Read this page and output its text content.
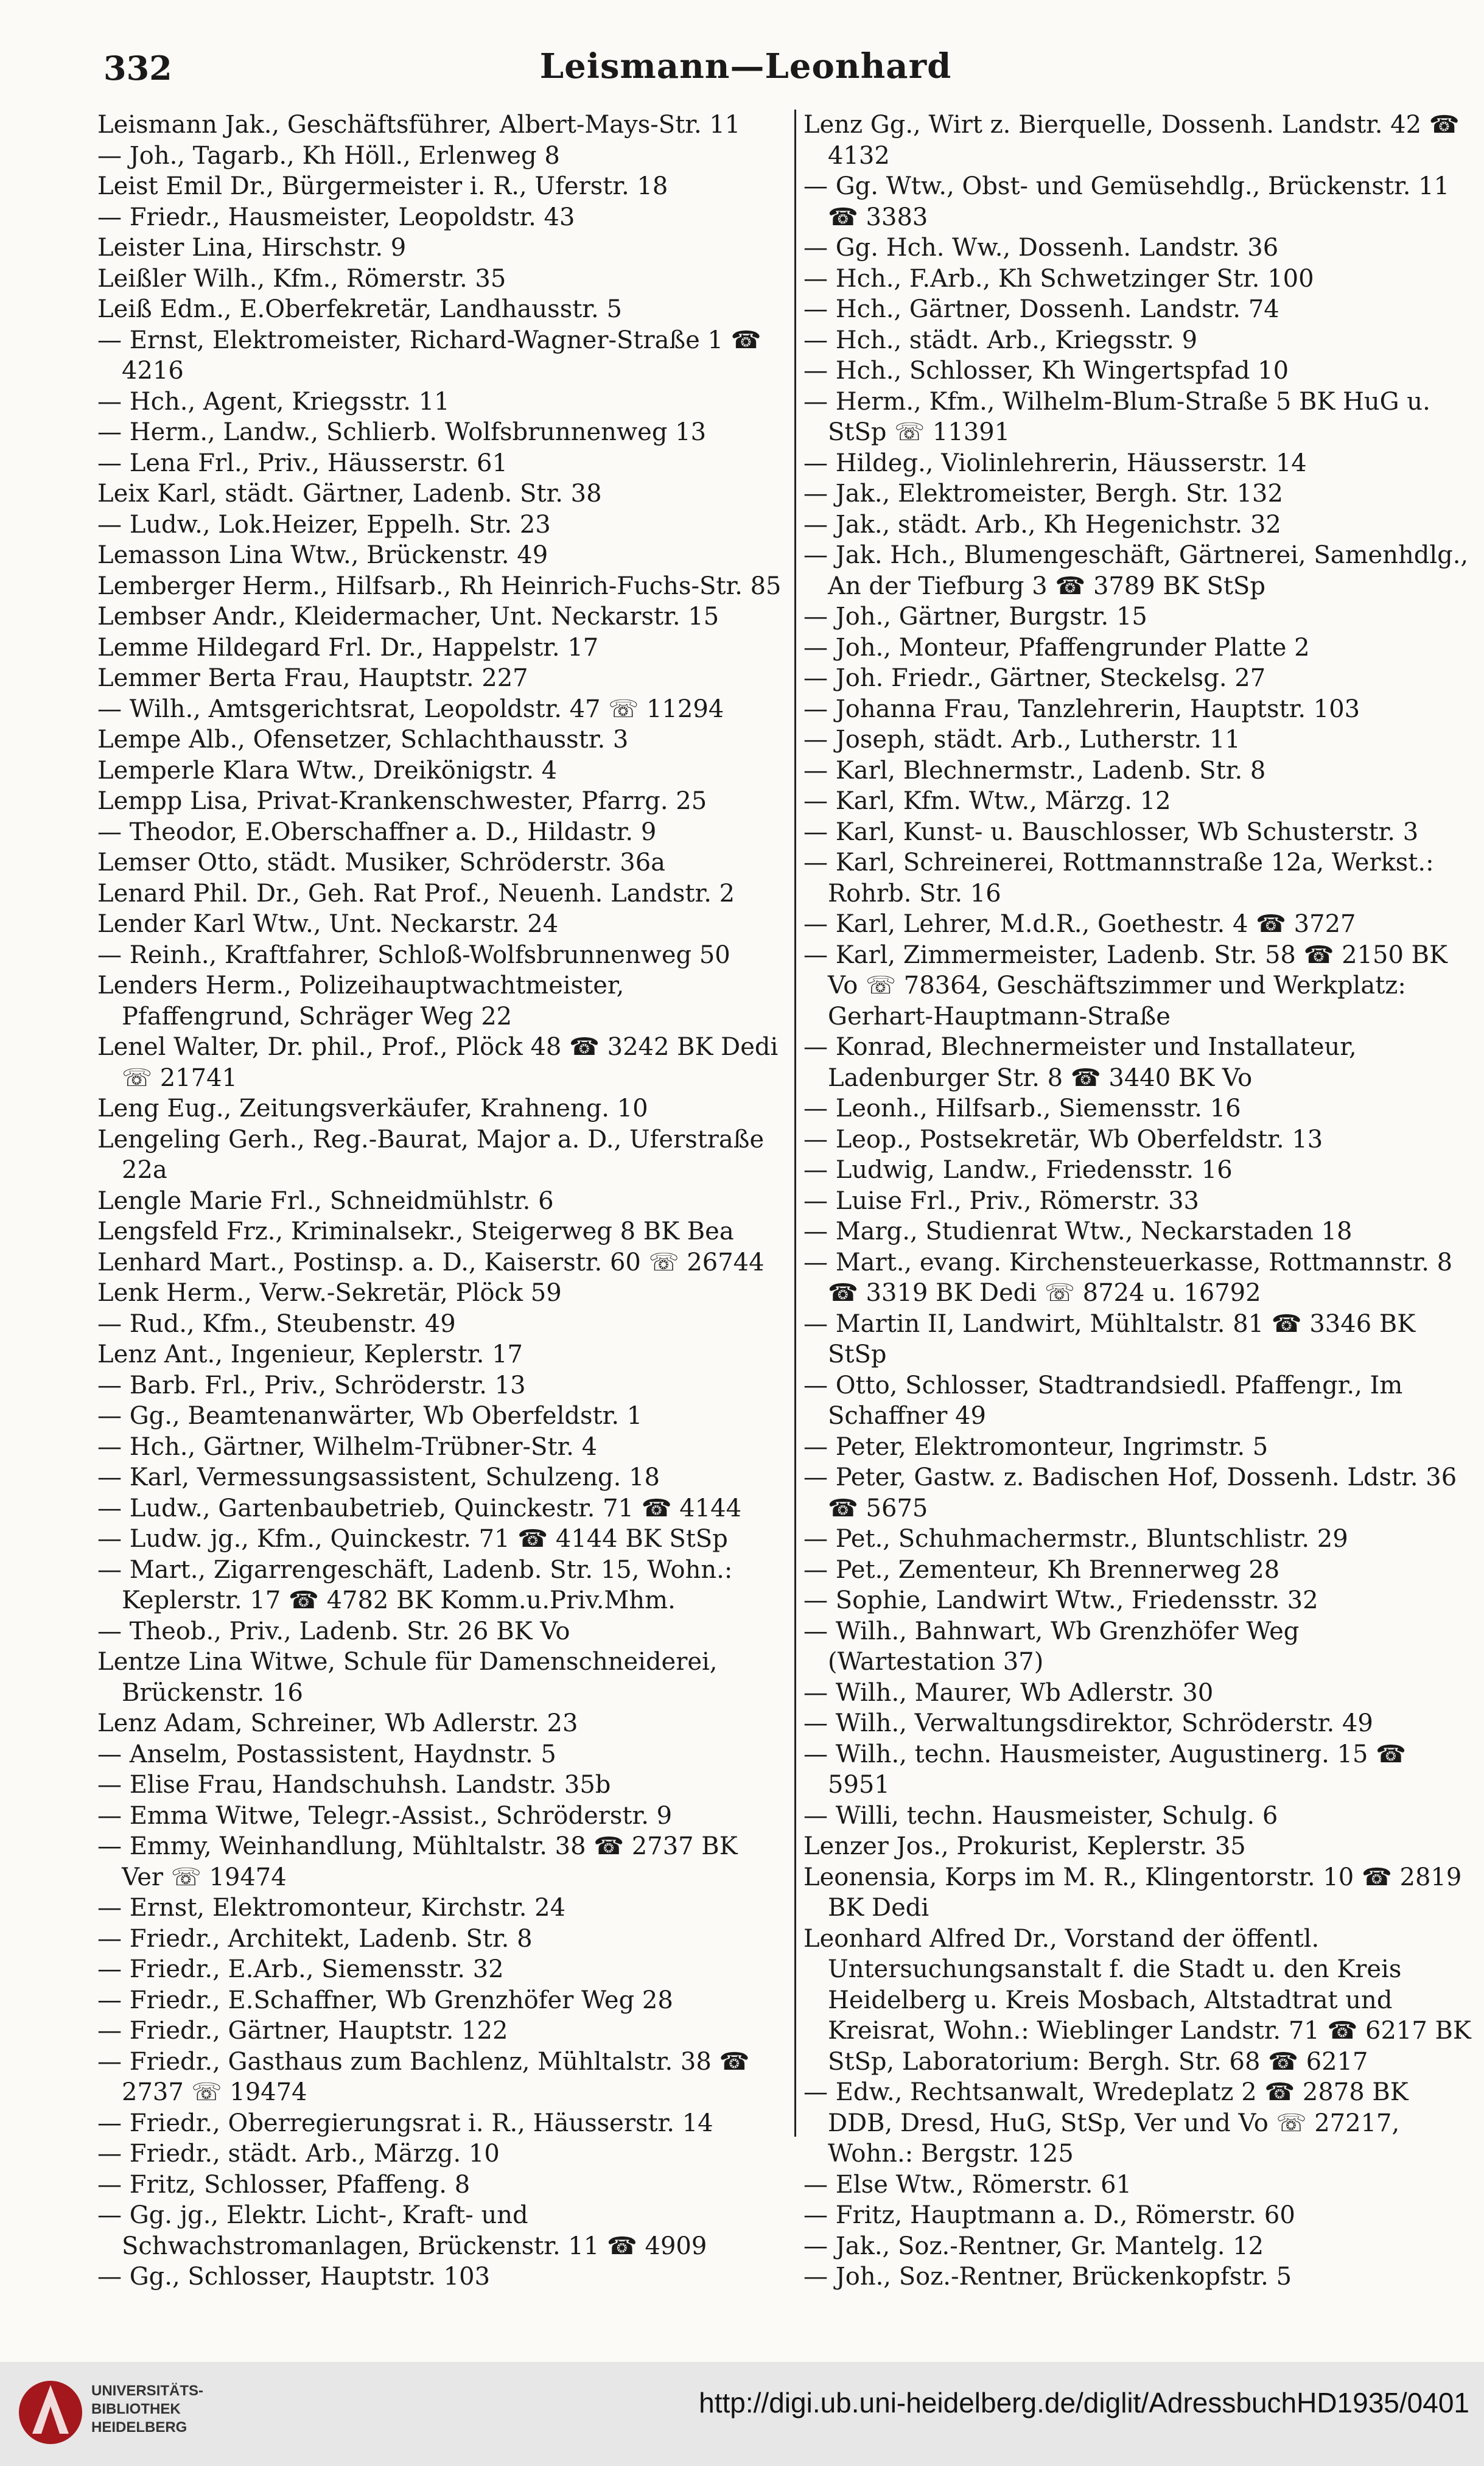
332	Leismann—Leonhard
Leismann Jak., Geschäftsführer, Albert-Mays-Str. 11
— Joh., Tagarb., Kh Höll., Erlenweg 8
Leist Emil Dr., Bürgermeister i. R., Uferstr. 18
— Friedr., Hausmeister, Leopoldstr. 43
Leister Lina, Hirschstr. 9
Leißler Wilh., Kfm., Römerstr. 35
Leiß Edm., E.Oberfekretär, Landhausstr. 5
— Ernst, Elektromeister, Richard-Wagner-Straße 1 ☎ 4216
— Hch., Agent, Kriegsstr. 11
— Herm., Landw., Schlierb. Wolfsbrunnenweg 13
— Lena Frl., Priv., Häusserstr. 61
Leix Karl, städt. Gärtner, Ladenb. Str. 38
— Ludw., Lok.Heizer, Eppelh. Str. 23
Lemasson Lina Wtw., Brückenstr. 49
Lemberger Herm., Hilfsarb., Rh Heinrich-Fuchs-Str. 85
Lembser Andr., Kleidermacher, Unt. Neckarstr. 15
Lemme Hildegard Frl. Dr., Happelstr. 17
Lemmer Berta Frau, Hauptstr. 227
— Wilh., Amtsgerichtsrat, Leopoldstr. 47 ☏ 11294
Lempe Alb., Ofensetzer, Schlachthausstr. 3
Lemperle Klara Wtw., Dreikönigstr. 4
Lempp Lisa, Privat-Krankenschwester, Pfarrg. 25
— Theodor, E.Oberschaffner a. D., Hildastr. 9
Lemser Otto, städt. Musiker, Schröderstr. 36a
Lenard Phil. Dr., Geh. Rat Prof., Neuenh. Landstr. 2
Lender Karl Wtw., Unt. Neckarstr. 24
— Reinh., Kraftfahrer, Schloß-Wolfsbrunnenweg 50
Lenders Herm., Polizeihauptwachtmeister, Pfaffengrund, Schräger Weg 22
Lenel Walter, Dr. phil., Prof., Plöck 48 ☎ 3242 BK Dedi ☏ 21741
Leng Eug., Zeitungsverkäufer, Krahneng. 10
Lengeling Gerh., Reg.-Baurat, Major a. D., Uferstraße 22a
Lengle Marie Frl., Schneidmühlstr. 6
Lengsfeld Frz., Kriminalsekr., Steigerweg 8 BK Bea
Lenhard Mart., Postinsp. a. D., Kaiserstr. 60 ☏ 26744
Lenk Herm., Verw.-Sekretär, Plöck 59
— Rud., Kfm., Steubenstr. 49
Lenz Ant., Ingenieur, Keplerstr. 17
— Barb. Frl., Priv., Schröderstr. 13
— Gg., Beamtenanwärter, Wb Oberfeldstr. 1
— Hch., Gärtner, Wilhelm-Trübner-Str. 4
— Karl, Vermessungsassistent, Schulzeng. 18
— Ludw., Gartenbaubetrieb, Quinckestr. 71 ☎ 4144
— Ludw. jg., Kfm., Quinckestr. 71 ☎ 4144 BK StSp
— Mart., Zigarrengeschäft, Ladenb. Str. 15, Wohn.: Keplerstr. 17 ☎ 4782 BK Komm.u.Priv.Mhm.
— Theob., Priv., Ladenb. Str. 26 BK Vo
Lentze Lina Witwe, Schule für Damenschneiderei, Brückenstr. 16
Lenz Adam, Schreiner, Wb Adlerstr. 23
— Anselm, Postassistent, Haydnstr. 5
— Elise Frau, Handschuhsh. Landstr. 35b
— Emma Witwe, Telegr.-Assist., Schröderstr. 9
— Emmy, Weinhandlung, Mühltalstr. 38 ☎ 2737 BK Ver ☏ 19474
— Ernst, Elektromonteur, Kirchstr. 24
— Friedr., Architekt, Ladenb. Str. 8
— Friedr., E.Arb., Siemensstr. 32
— Friedr., E.Schaffner, Wb Grenzhöfer Weg 28
— Friedr., Gärtner, Hauptstr. 122
— Friedr., Gasthaus zum Bachlenz, Mühltalstr. 38 ☎ 2737 ☏ 19474
— Friedr., Oberregierungsrat i. R., Häusserstr. 14
— Friedr., städt. Arb., Märzg. 10
— Fritz, Schlosser, Pfaffeng. 8
— Gg. jg., Elektr. Licht-, Kraft- und Schwachstromanlagen, Brückenstr. 11 ☎ 4909
— Gg., Schlosser, Hauptstr. 103
Lenz Gg., Wirt z. Bierquelle, Dossenh. Landstr. 42 ☎ 4132
— Gg. Wtw., Obst- und Gemüsehdlg., Brückenstr. 11 ☎ 3383
— Gg. Hch. Ww., Dossenh. Landstr. 36
— Hch., F.Arb., Kh Schwetzinger Str. 100
— Hch., Gärtner, Dossenh. Landstr. 74
— Hch., städt. Arb., Kriegsstr. 9
— Hch., Schlosser, Kh Wingertspfad 10
— Herm., Kfm., Wilhelm-Blum-Straße 5 BK HuG u. StSp ☏ 11391
— Hildeg., Violinlehrerin, Häusserstr. 14
— Jak., Elektromeister, Bergh. Str. 132
— Jak., städt. Arb., Kh Hegenichstr. 32
— Jak. Hch., Blumengeschäft, Gärtnerei, Samenhdlg., An der Tiefburg 3 ☎ 3789 BK StSp
— Joh., Gärtner, Burgstr. 15
— Joh., Monteur, Pfaffengrunder Platte 2
— Joh. Friedr., Gärtner, Steckelsg. 27
— Johanna Frau, Tanzlehrerin, Hauptstr. 103
— Joseph, städt. Arb., Lutherstr. 11
— Karl, Blechnermstr., Ladenb. Str. 8
— Karl, Kfm. Wtw., Märzg. 12
— Karl, Kunst- u. Bauschlosser, Wb Schusterstr. 3
— Karl, Schreinerei, Rottmannstraße 12a, Werkst.: Rohrb. Str. 16
— Karl, Lehrer, M.d.R., Goethestr. 4 ☎ 3727
— Karl, Zimmermeister, Ladenb. Str. 58 ☎ 2150 BK Vo ☏ 78364, Geschäftszimmer und Werkplatz: Gerhart-Hauptmann-Straße
— Konrad, Blechnermeister und Installateur, Ladenburger Str. 8 ☎ 3440 BK Vo
— Leonh., Hilfsarb., Siemensstr. 16
— Leop., Postsekretär, Wb Oberfeldstr. 13
— Ludwig, Landw., Friedensstr. 16
— Luise Frl., Priv., Römerstr. 33
— Marg., Studienrat Wtw., Neckarstaden 18
— Mart., evang. Kirchensteuerkasse, Rottmannstr. 8 ☎ 3319 BK Dedi ☏ 8724 u. 16792
— Martin II, Landwirt, Mühltalstr. 81 ☎ 3346 BK StSp
— Otto, Schlosser, Stadtrandsiedl. Pfaffengr., Im Schaffner 49
— Peter, Elektromonteur, Ingrimstr. 5
— Peter, Gastw. z. Badischen Hof, Dossenh. Ldstr. 36 ☎ 5675
— Pet., Schuhmachermstr., Bluntschlistr. 29
— Pet., Zementeur, Kh Brennerweg 28
— Sophie, Landwirt Wtw., Friedensstr. 32
— Wilh., Bahnwart, Wb Grenzhöfer Weg (Wartestation 37)
— Wilh., Maurer, Wb Adlerstr. 30
— Wilh., Verwaltungsdirektor, Schröderstr. 49
— Wilh., techn. Hausmeister, Augustinerg. 15 ☎ 5951
— Willi, techn. Hausmeister, Schulg. 6
Lenzer Jos., Prokurist, Keplerstr. 35
Leonensia, Korps im M. R., Klingentorstr. 10 ☎ 2819 BK Dedi
Leonhard Alfred Dr., Vorstand der öffentl. Untersuchungsanstalt f. die Stadt u. den Kreis Heidelberg u. Kreis Mosbach, Altstadtrat und Kreisrat, Wohn.: Wieblinger Landstr. 71 ☎ 6217 BK StSp, Laboratorium: Bergh. Str. 68 ☎ 6217
— Edw., Rechtsanwalt, Wredeplatz 2 ☎ 2878 BK DDB, Dresd, HuG, StSp, Ver und Vo ☏ 27217, Wohn.: Bergstr. 125
— Else Wtw., Römerstr. 61
— Fritz, Hauptmann a. D., Römerstr. 60
— Jak., Soz.-Rentner, Gr. Mantelg. 12
— Joh., Soz.-Rentner, Brückenkopfstr. 5
UNIVERSITÄTS-
BIBLIOTHEK
HEIDELBERG
http://digi.ub.uni-heidelberg.de/diglit/AdressbuchHD1935/0401
